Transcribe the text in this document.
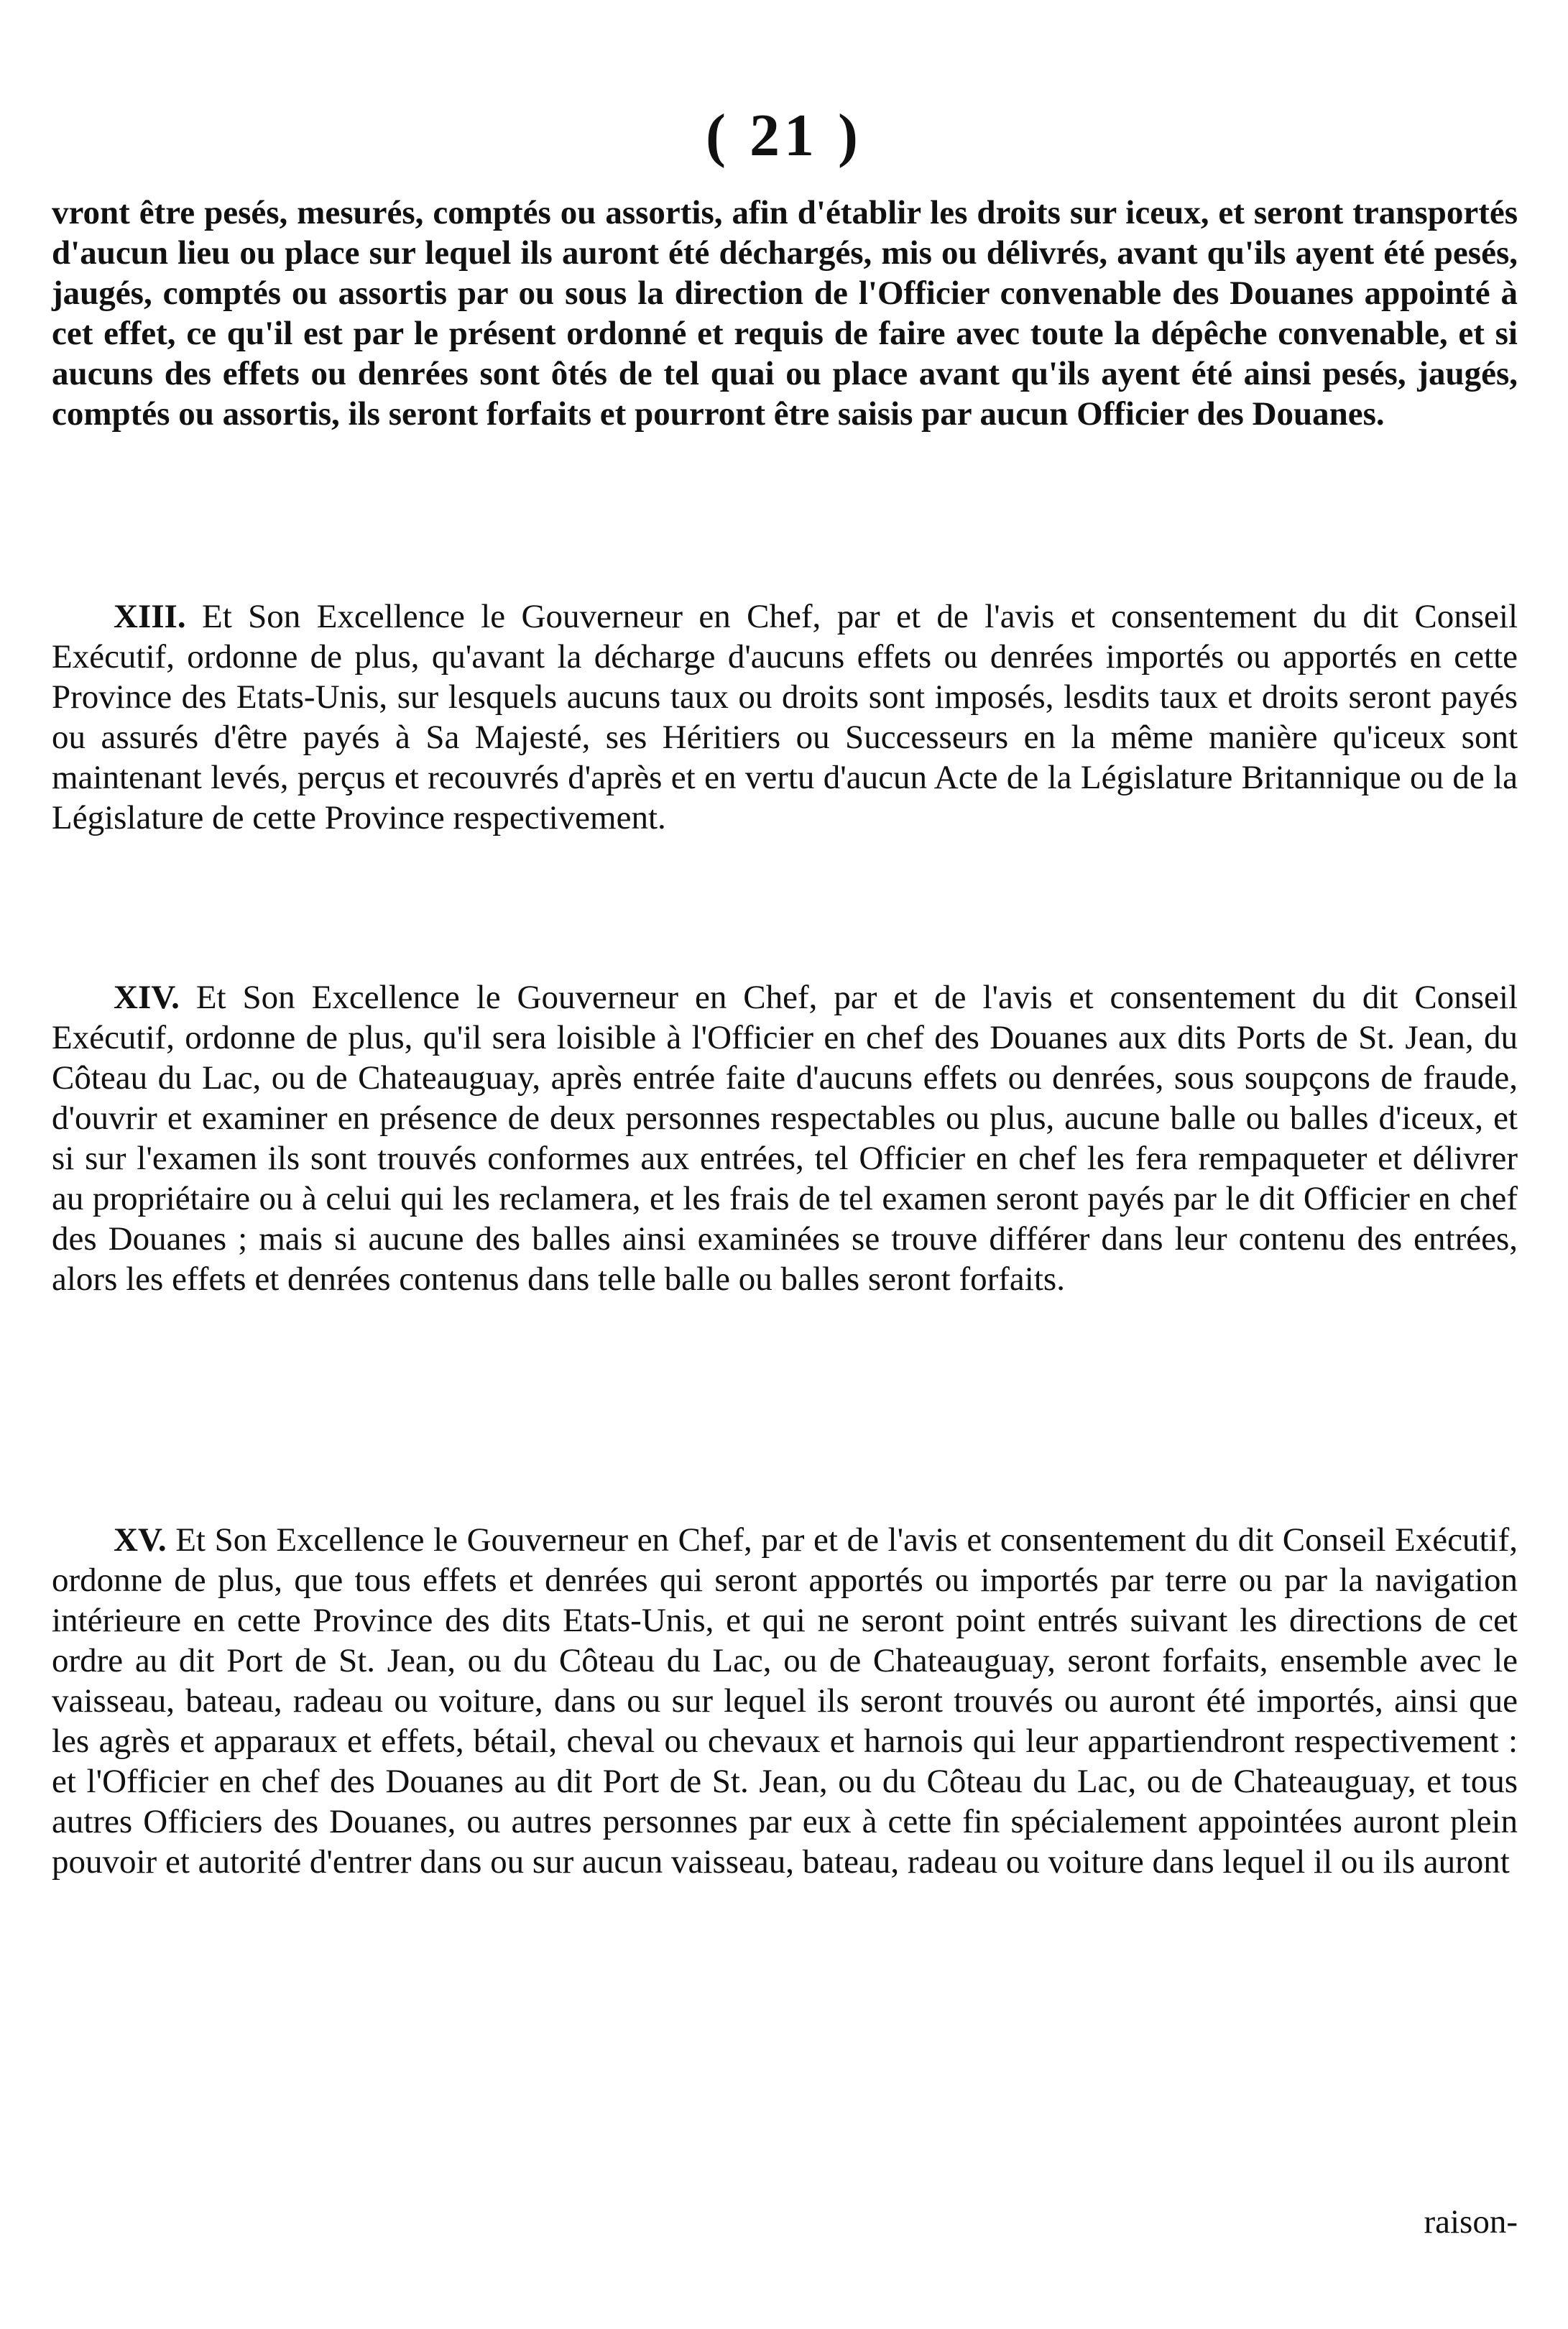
( 21 )

vront être pesés, mesurés, comptés ou assortis, afin d'établir les droits sur iceux, et seront transportés d'aucun lieu ou place sur lequel ils auront été déchargés, mis ou délivrés, avant qu'ils ayent été pesés, jaugés, comptés ou assortis par ou sous la direction de l'Officier convenable des Douanes appointé à cet effet, ce qu'il est par le présent ordonné et requis de faire avec toute la dépêche convenable, et si aucuns des effets ou denrées sont ôtés de tel quai ou place avant qu'ils ayent été ainsi pesés, jaugés, comptés ou assortis, ils seront forfaits et pourront être saisis par aucun Officier des Douanes.

XIII. Et Son Excellence le Gouverneur en Chef, par et de l'avis et consentement du dit Conseil Exécutif, ordonne de plus, qu'avant la décharge d'aucuns effets ou denrées importés ou apportés en cette Province des Etats-Unis, sur lesquels aucuns taux ou droits sont imposés, lesdits taux et droits seront payés ou assurés d'être payés à Sa Majesté, ses Héritiers ou Successeurs en la même manière qu'iceux sont maintenant levés, perçus et recouvrés d'après et en vertu d'aucun Acte de la Législature Britannique ou de la Législature de cette Province respectivement.

XIV. Et Son Excellence le Gouverneur en Chef, par et de l'avis et consentement du dit Conseil Exécutif, ordonne de plus, qu'il sera loisible à l'Officier en chef des Douanes aux dits Ports de St. Jean, du Côteau du Lac, ou de Chateauguay, après entrée faite d'aucuns effets ou denrées, sous soupçons de fraude, d'ouvrir et examiner en présence de deux personnes respectables ou plus, aucune balle ou balles d'iceux, et si sur l'examen ils sont trouvés conformes aux entrées, tel Officier en chef les fera rempaqueter et délivrer au propriétaire ou à celui qui les reclamera, et les frais de tel examen seront payés par le dit Officier en chef des Douanes ; mais si aucune des balles ainsi examinées se trouve différer dans leur contenu des entrées, alors les effets et denrées contenus dans telle balle ou balles seront forfaits.

XV. Et Son Excellence le Gouverneur en Chef, par et de l'avis et consentement du dit Conseil Exécutif, ordonne de plus, que tous effets et denrées qui seront apportés ou importés par terre ou par la navigation intérieure en cette Province des dits Etats-Unis, et qui ne seront point entrés suivant les directions de cet ordre au dit Port de St. Jean, ou du Côteau du Lac, ou de Chateauguay, seront forfaits, ensemble avec le vaisseau, bateau, radeau ou voiture, dans ou sur lequel ils seront trouvés ou auront été importés, ainsi que les agrès et apparaux et effets, bétail, cheval ou chevaux et harnois qui leur appartiendront respectivement : et l'Officier en chef des Douanes au dit Port de St. Jean, ou du Côteau du Lac, ou de Chateauguay, et tous autres Officiers des Douanes, ou autres personnes par eux à cette fin spécialement appointées auront plein pouvoir et autorité d'entrer dans ou sur aucun vaisseau, bateau, radeau ou voiture dans lequel il ou ils auront

raison-
